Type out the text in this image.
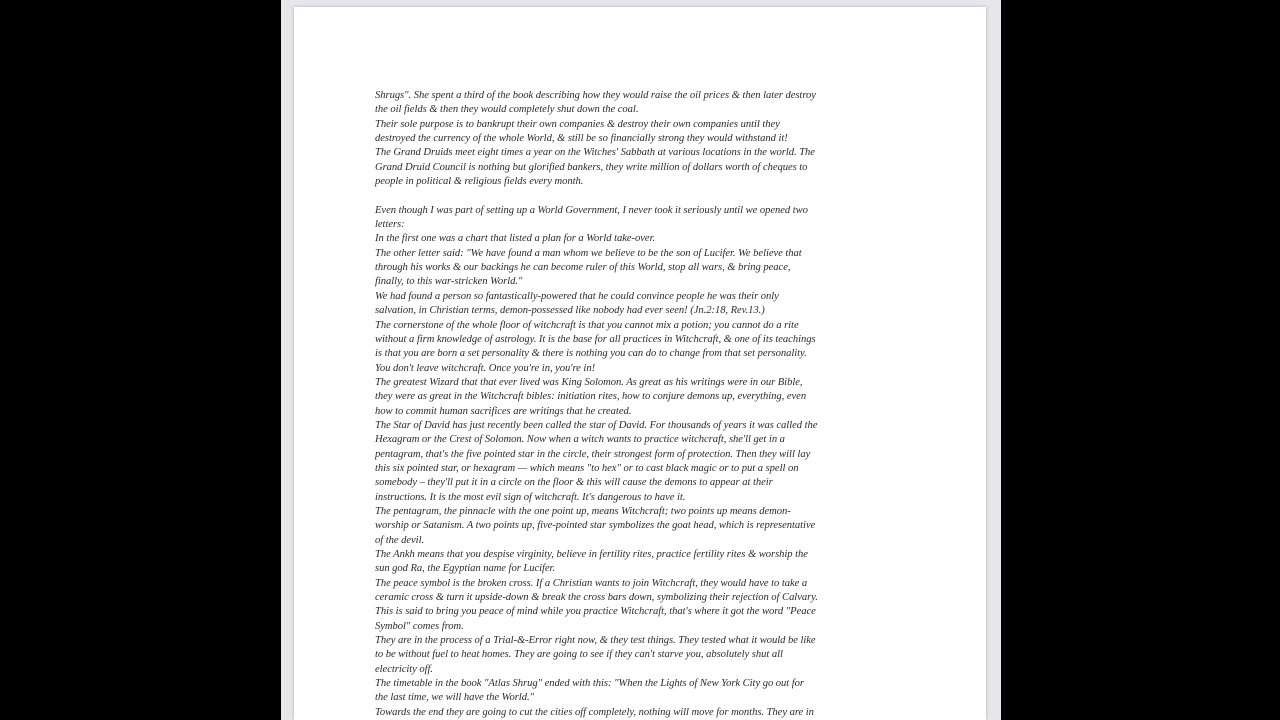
Shrugs". She spent a third of the book describing how they would raise the oil prices & then later destroy
the oil fields & then they would completely shut down the coal.
Their sole purpose is to bankrupt their own companies & destroy their own companies until they
destroyed the currency of the whole World, & still be so financially strong they would withstand it!
The Grand Druids meet eight times a year on the Witches' Sabbath at various locations in the world. The
Grand Druid Council is nothing but glorified bankers, they write million of dollars worth of cheques to
people in political & religious fields every month.
Even though I was part of setting up a World Government, I never took it seriously until we opened two
letters:
In the first one was a chart that listed a plan for a World take-over.
The other letter said: "We have found a man whom we believe to be the son of Lucifer. We believe that
through his works & our backings he can become ruler of this World, stop all wars, & bring peace,
finally, to this war-stricken World."
We had found a person so fantastically-powered that he could convince people he was their only
salvation, in Christian terms, demon-possessed like nobody had ever seen! (Jn.2:18, Rev.13.)
The cornerstone of the whole floor of witchcraft is that you cannot mix a potion; you cannot do a rite
without a firm knowledge of astrology. It is the base for all practices in Witchcraft, & one of its teachings
is that you are born a set personality & there is nothing you can do to change from that set personality.
You don't leave witchcraft. Once you're in, you're in!
The greatest Wizard that that ever lived was King Solomon. As great as his writings were in our Bible,
they were as great in the Witchcraft bibles: initiation rites, how to conjure demons up, everything, even
how to commit human sacrifices are writings that he created.
The Star of David has just recently been called the star of David. For thousands of years it was called the
Hexagram or the Crest of Solomon. Now when a witch wants to practice witchcraft, she'll get in a
pentagram, that's the five pointed star in the circle, their strongest form of protection. Then they will lay
this six pointed star, or hexagram — which means "to hex" or to cast black magic or to put a spell on
somebody – they'll put it in a circle on the floor & this will cause the demons to appear at their
instructions. It is the most evil sign of witchcraft. It's dangerous to have it.
The pentagram, the pinnacle with the one point up, means Witchcraft; two points up means demon-
worship or Satanism. A two points up, five-pointed star symbolizes the goat head, which is representative
of the devil.
The Ankh means that you despise virginity, believe in fertility rites, practice fertility rites & worship the
sun god Ra, the Egyptian name for Lucifer.
The peace symbol is the broken cross. If a Christian wants to join Witchcraft, they would have to take a
ceramic cross & turn it upside-down & break the cross bars down, symbolizing their rejection of Calvary.
This is said to bring you peace of mind while you practice Witchcraft, that's where it got the word "Peace
Symbol" comes from.
They are in the process of a Trial-&-Error right now, & they test things. They tested what it would be like
to be without fuel to heat homes. They are going to see if they can't starve you, absolutely shut all
electricity off.
The timetable in the book "Atlas Shrug" ended with this: "When the Lights of New York City go out for
the last time, we will have the World."
Towards the end they are going to cut the cities off completely, nothing will move for months. They are in
